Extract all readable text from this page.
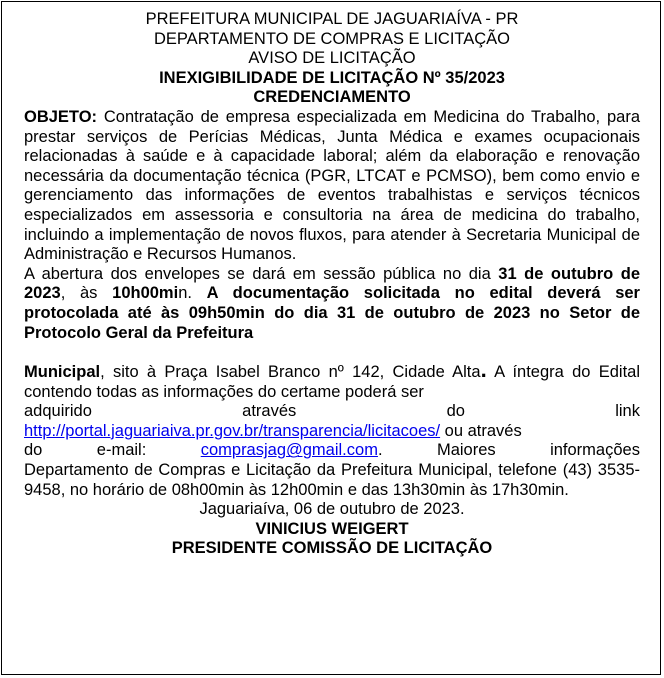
PREFEITURA MUNICIPAL DE JAGUARIAÍVA - PR
DEPARTAMENTO DE COMPRAS E LICITAÇÃO
AVISO DE LICITAÇÃO
INEXIGIBILIDADE DE LICITAÇÃO Nº 35/2023
CREDENCIAMENTO
OBJETO: Contratação de empresa especializada em Medicina do Trabalho, para prestar serviços de Perícias Médicas, Junta Médica e exames ocupacionais relacionadas à saúde e à capacidade laboral; além da elaboração e renovação necessária da documentação técnica (PGR, LTCAT e PCMSO), bem como envio e gerenciamento das informações de eventos trabalhistas e serviços técnicos especializados em assessoria e consultoria na área de medicina do trabalho, incluindo a implementação de novos fluxos, para atender à Secretaria Municipal de Administração e Recursos Humanos.
A abertura dos envelopes se dará em sessão pública no dia 31 de outubro de 2023, às 10h00min. A documentação solicitada no edital deverá ser protocolada até às 09h50min do dia 31 de outubro de 2023 no Setor de Protocolo Geral da Prefeitura
Municipal, sito à Praça Isabel Branco nº 142, Cidade Alta. A íntegra do Edital contendo todas as informações do certame poderá ser
adquirido	através	do	link
http://portal.jaguariaiva.pr.gov.br/transparencia/licitacoes/ ou através
do	e-mail:	comprasjag@gmail.com.	Maiores	informações
Departamento de Compras e Licitação da Prefeitura Municipal, telefone (43) 3535-9458, no horário de 08h00min às 12h00min e das 13h30min às 17h30min.
Jaguariaíva, 06 de outubro de 2023.
VINICIUS WEIGERT
PRESIDENTE COMISSÃO DE LICITAÇÃO
